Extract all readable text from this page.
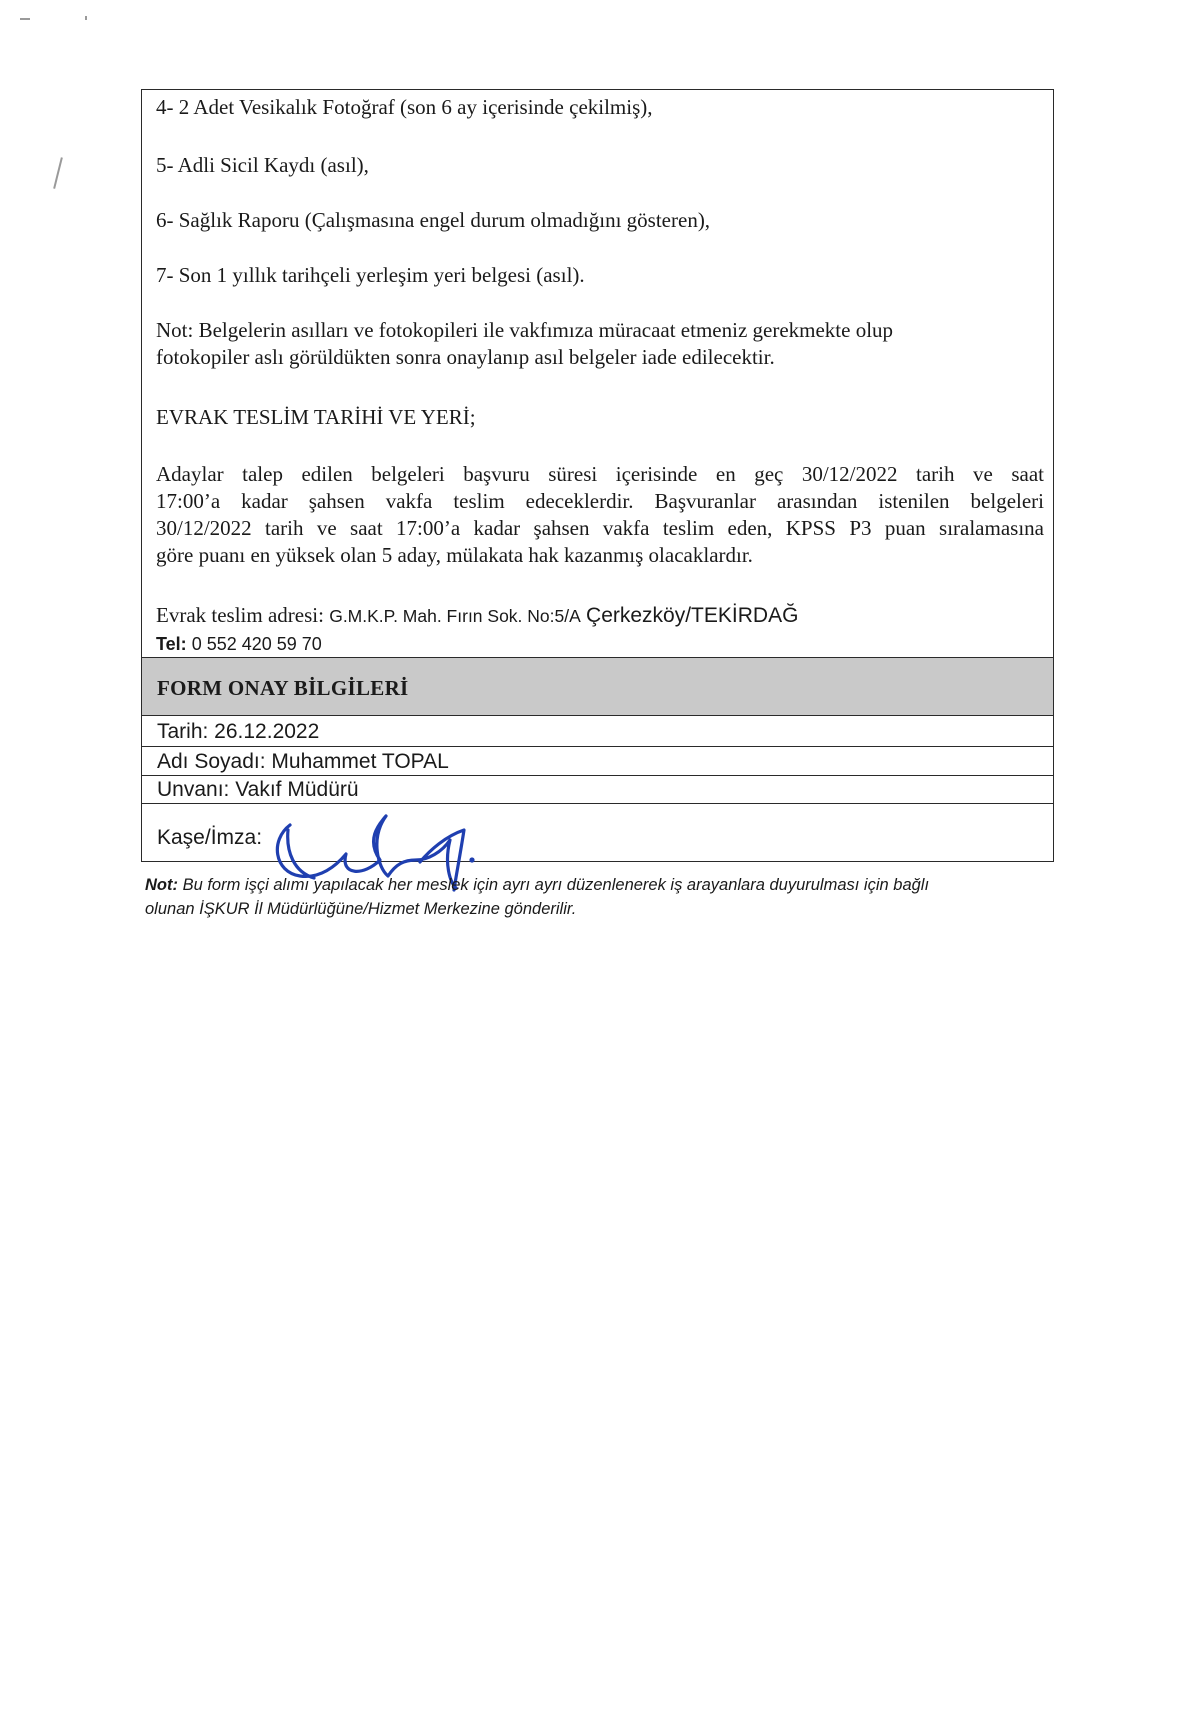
4- 2 Adet Vesikalık Fotoğraf (son 6 ay içerisinde çekilmiş),
5- Adli Sicil Kaydı (asıl),
6- Sağlık Raporu (Çalışmasına engel durum olmadığını gösteren),
7- Son 1 yıllık tarihçeli yerleşim yeri belgesi (asıl).
Not: Belgelerin asılları ve fotokopileri ile vakfımıza müracaat etmeniz gerekmekte olup
fotokopiler aslı görüldükten sonra onaylanıp asıl belgeler iade edilecektir.
EVRAK TESLİM TARİHİ VE YERİ;
Adaylar talep edilen belgeleri başvuru süresi içerisinde en geç 30/12/2022 tarih ve saat
17:00’a kadar şahsen vakfa teslim edeceklerdir. Başvuranlar arasından istenilen belgeleri
30/12/2022 tarih ve saat 17:00’a kadar şahsen vakfa teslim eden, KPSS P3 puan sıralamasına
göre puanı en yüksek olan 5 aday, mülakata hak kazanmış olacaklardır.
Evrak teslim adresi: G.M.K.P. Mah. Fırın Sok. No:5/A Çerkezköy/TEKİRDAĞ
Tel: 0 552 420 59 70
FORM ONAY BİLGİLERİ
Tarih: 26.12.2022
Adı Soyadı: Muhammet TOPAL
Unvanı: Vakıf Müdürü
Kaşe/İmza:
Not: Bu form işçi alımı yapılacak her meslek için ayrı ayrı düzenlenerek iş arayanlara duyurulması için bağlı
olunan İŞKUR İl Müdürlüğüne/Hizmet Merkezine gönderilir.
